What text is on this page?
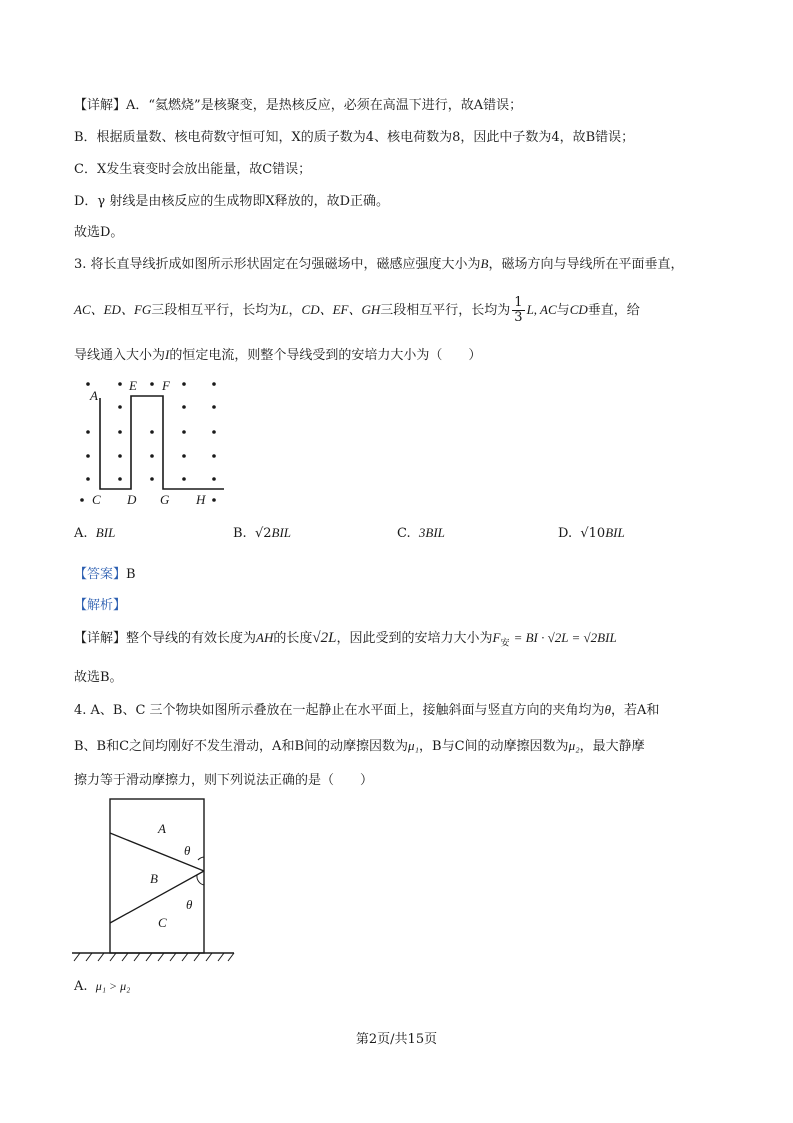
【详解】A．“氦燃烧”是核聚变，是热核反应，必须在高温下进行，故A错误；
B．根据质量数、核电荷数守恒可知，X的质子数为4、核电荷数为8，因此中子数为4，故B错误；
C．X发生衰变时会放出能量，故C错误；
D．γ 射线是由核反应的生成物即X释放的，故D正确。
故选D。
3. 将长直导线折成如图所示形状固定在匀强磁场中，磁感应强度大小为B，磁场方向与导线所在平面垂直，
AC、ED、FG三段相互平行，长均为L，CD、EF、GH三段相互平行，长均为 $\frac{1}{3} L$, AC与CD垂直，给
导线通入大小为I的恒定电流，则整个导线受到的安培力大小为（　　）
A
E F
C D G H
A. BIL	B. √2BIL	C. 3BIL	D. √10BIL
【答案】B
【解析】
【详解】整个导线的有效长度为AH的长度√2L，因此受到的安培力大小为$F_安$ = BI · √2L = √2BIL
故选B。
4. A、B、C 三个物块如图所示叠放在一起静止在水平面上，接触斜面与竖直方向的夹角均为θ，若A和
B、B和C之间均刚好不发生滑动，A和B间的动摩擦因数为μ₁，B与C间的动摩擦因数为μ₂，最大静摩
擦力等于滑动摩擦力，则下列说法正确的是（　　）
A
θ
B
θ
C
A. μ₁ > μ₂
第2页/共15页
